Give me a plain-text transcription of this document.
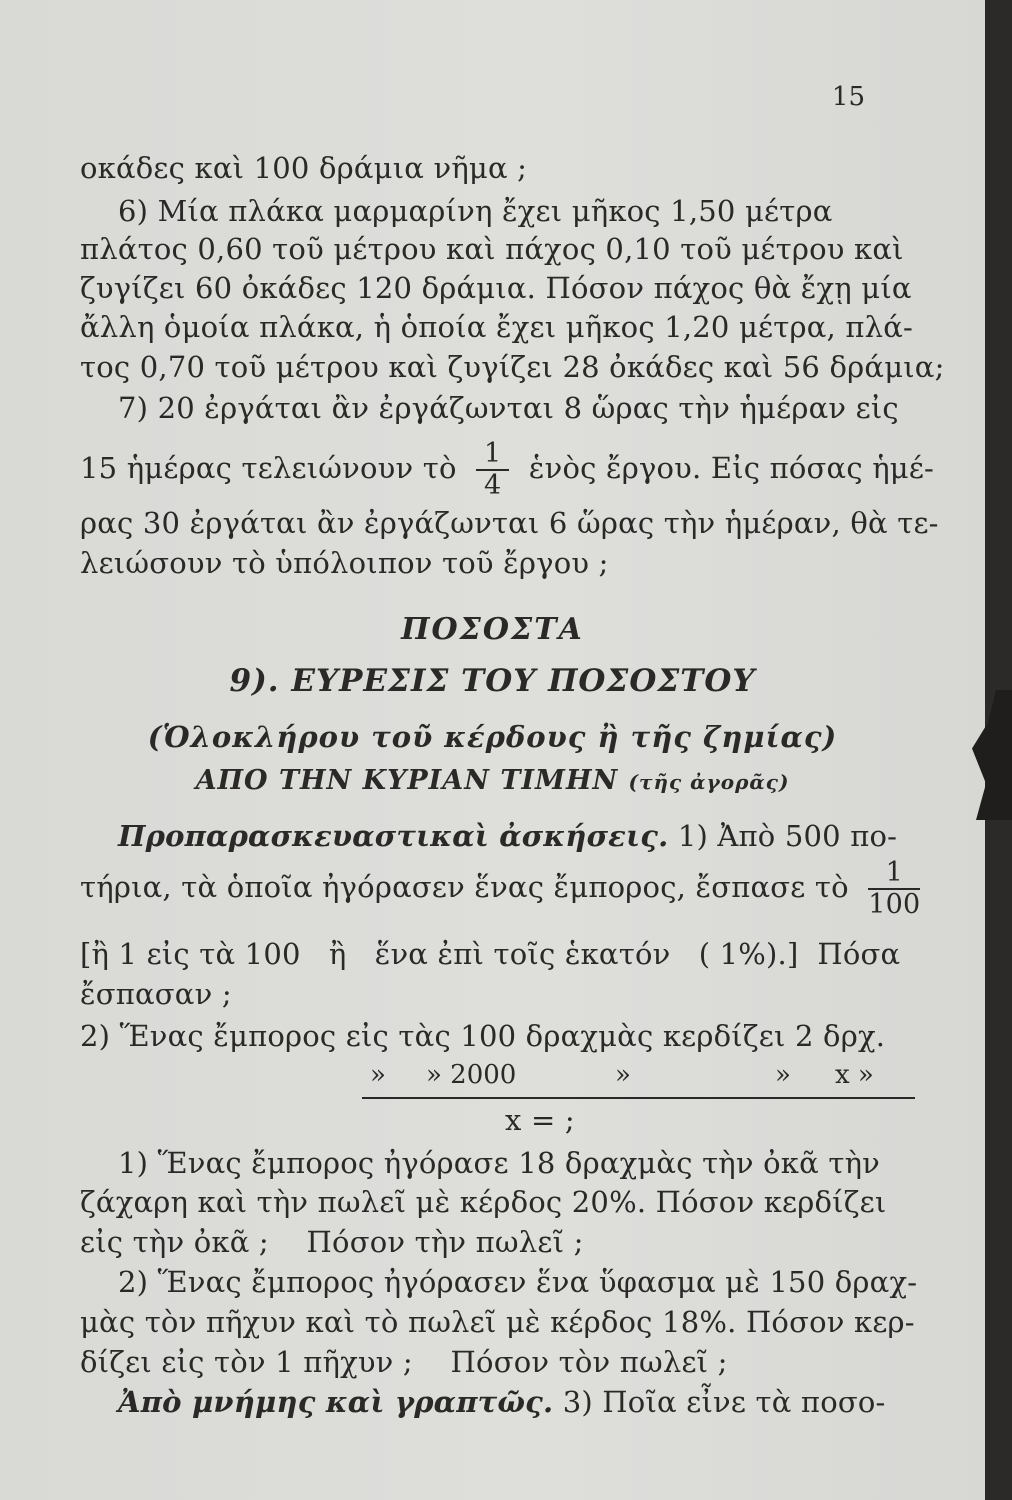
15
οκάδες καὶ 100 δράμια νῆμα ;
6) Μία πλάκα μαρμαρίνη ἔχει μῆκος 1,50 μέτρα
πλάτος 0,60 τοῦ μέτρου καὶ πάχος 0,10 τοῦ μέτρου καὶ
ζυγίζει 60 ὀκάδες 120 δράμια. Πόσον πάχος θὰ ἔχῃ μία
ἄλλη ὁμοία πλάκα, ἡ ὁποία ἔχει μῆκος 1,20 μέτρα, πλά-
τος 0,70 τοῦ μέτρου καὶ ζυγίζει 28 ὀκάδες καὶ 56 δράμια;
7) 20 ἐργάται ἂν ἐργάζωνται 8 ὥρας τὴν ἡμέραν εἰς
15 ἡμέρας τελειώνουν τὸ $\frac{1}{4}$ ἑνὸς ἔργου. Εἰς πόσας ἡμέ-
ρας 30 ἐργάται ἂν ἐργάζωνται 6 ὥρας τὴν ἡμέραν, θὰ τε-
λειώσουν τὸ ὑπόλοιπον τοῦ ἔργου ;
ΠΟΣΟΣΤΑ
9). ΕΥΡΕΣΙΣ ΤΟΥ ΠΟΣΟΣΤΟΥ
(Ὁλοκλήρου τοῦ κέρδους ἢ τῆς ζημίας)
ΑΠΟ ΤΗΝ ΚΥΡΙΑΝ ΤΙΜΗΝ (τῆς ἀγορᾶς)
Προπαρασκευαστικαὶ ἀσκήσεις. 1) Ἀπὸ 500 πο-
τήρια, τὰ ὁποῖα ἠγόρασεν ἕνας ἔμπορος, ἔσπασε τὸ $\frac{1}{100}$
[ἢ 1 εἰς τὰ 100   ἢ   ἕνα ἐπὶ τοῖς ἑκατόν   ( 1%).]  Πόσα
ἔσπασαν ;
2) Ἕνας ἔμπορος εἰς τὰς 100 δραχμὰς κερδίζει 2 δρχ.
» » 2000	»	» x »
x = ;
1) Ἕνας ἔμπορος ἠγόρασε 18 δραχμὰς τὴν ὀκᾶ τὴν
ζάχαρη καὶ τὴν πωλεῖ μὲ κέρδος 20%. Πόσον κερδίζει
εἰς τὴν ὀκᾶ ;    Πόσον τὴν πωλεῖ ;
2) Ἕνας ἔμπορος ἠγόρασεν ἕνα ὕφασμα μὲ 150 δραχ-
μὰς τὸν πῆχυν καὶ τὸ πωλεῖ μὲ κέρδος 18%. Πόσον κερ-
δίζει εἰς τὸν 1 πῆχυν ;    Πόσον τὸν πωλεῖ ;
Ἀπὸ μνήμης καὶ γραπτῶς. 3) Ποῖα εἶνε τὰ ποσο-
